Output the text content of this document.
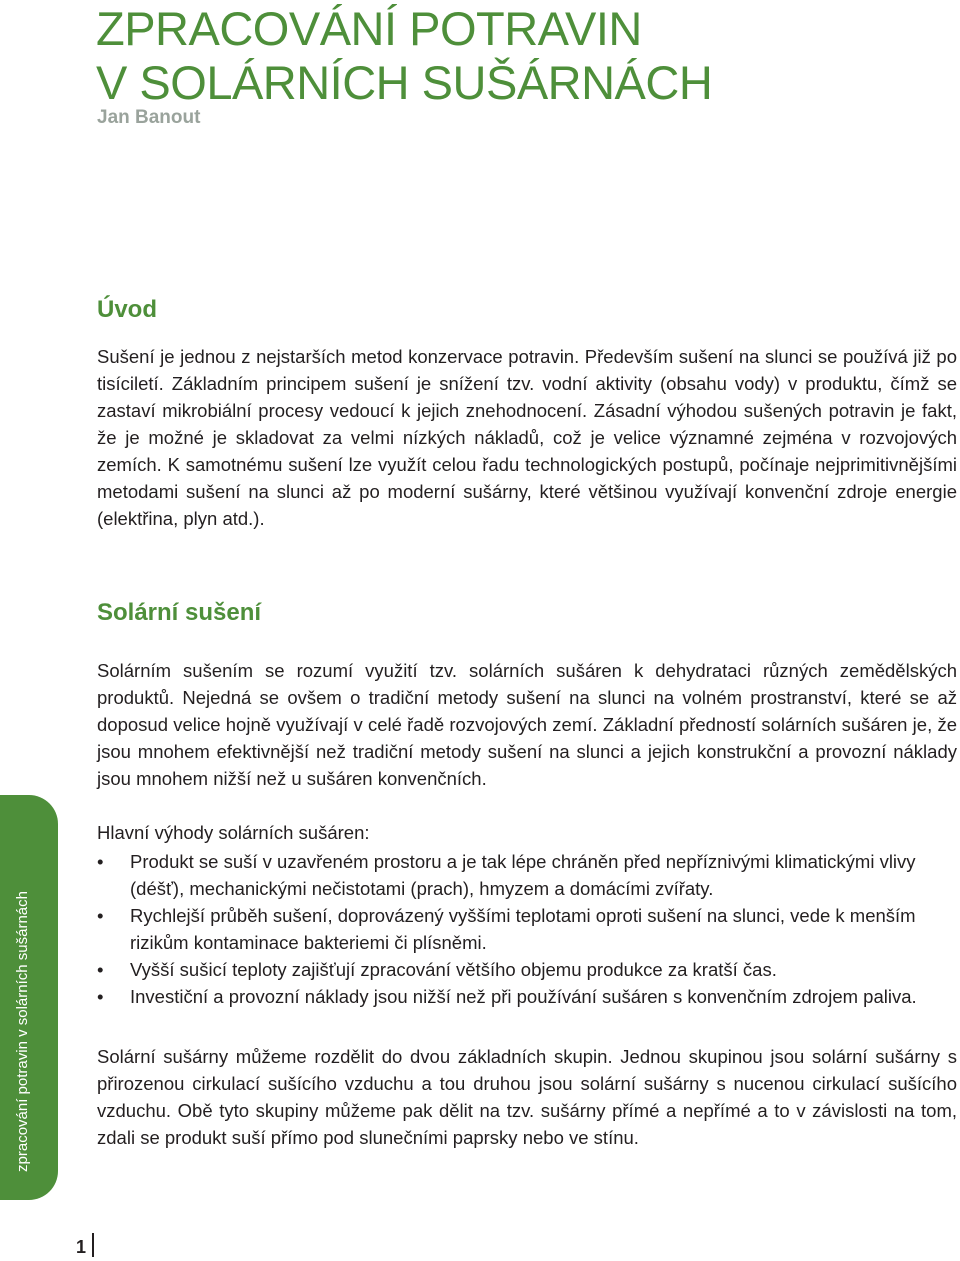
ZPRACOVÁNÍ POTRAVIN
V SOLÁRNÍCH SUŠÁRNÁCH
Jan Banout
Úvod

Sušení je jednou z nejstarších metod konzervace potravin. Především sušení na slunci se používá již po tisíciletí. Základním principem sušení je snížení tzv. vodní aktivity (obsahu vody) v produktu, čímž se zastaví mikrobiální procesy vedoucí k jejich znehodnocení. Zásadní výhodou sušených potravin je fakt, že je možné je skladovat za velmi nízkých nákladů, což je velice významné zejména v rozvojových zemích. K samotnému sušení lze využít celou řadu technologických postupů, počínaje nejprimitivnějšími metodami sušení na slunci až po moderní sušárny, které většinou využívají konvenční zdroje energie (elektřina, plyn atd.).

Solární sušení

Solárním sušením se rozumí využití tzv. solárních sušáren k dehydrataci různých zemědělských produktů. Nejedná se ovšem o tradiční metody sušení na slunci na volném prostranství, které se až doposud velice hojně využívají v celé řadě rozvojových zemí. Základní předností solárních sušáren je, že jsou mnohem efektivnější než tradiční metody sušení na slunci a jejich konstrukční a provozní náklady jsou mnohem nižší než u sušáren konvenčních.

Hlavní výhody solárních sušáren:

• Produkt se suší v uzavřeném prostoru a je tak lépe chráněn před nepříznivými klimatickými vlivy (déšť), mechanickými nečistotami (prach), hmyzem a domácími zvířaty.
• Rychlejší průběh sušení, doprovázený vyššími teplotami oproti sušení na slunci, vede k menším rizikům kontaminace bakteriemi či plísněmi.
• Vyšší sušicí teploty zajišťují zpracování většího objemu produkce za kratší čas.
• Investiční a provozní náklady jsou nižší než při používání sušáren s konvenčním zdrojem paliva.

Solární sušárny můžeme rozdělit do dvou základních skupin. Jednou skupinou jsou solární sušárny s přirozenou cirkulací sušícího vzduchu a tou druhou jsou solární sušárny s nucenou cirkulací sušícího vzduchu. Obě tyto skupiny můžeme pak dělit na tzv. sušárny přímé a nepřímé a to v závislosti na tom, zdali se produkt suší přímo pod slunečními paprsky nebo ve stínu.

zpracování potravin v solárních sušárnách
1
